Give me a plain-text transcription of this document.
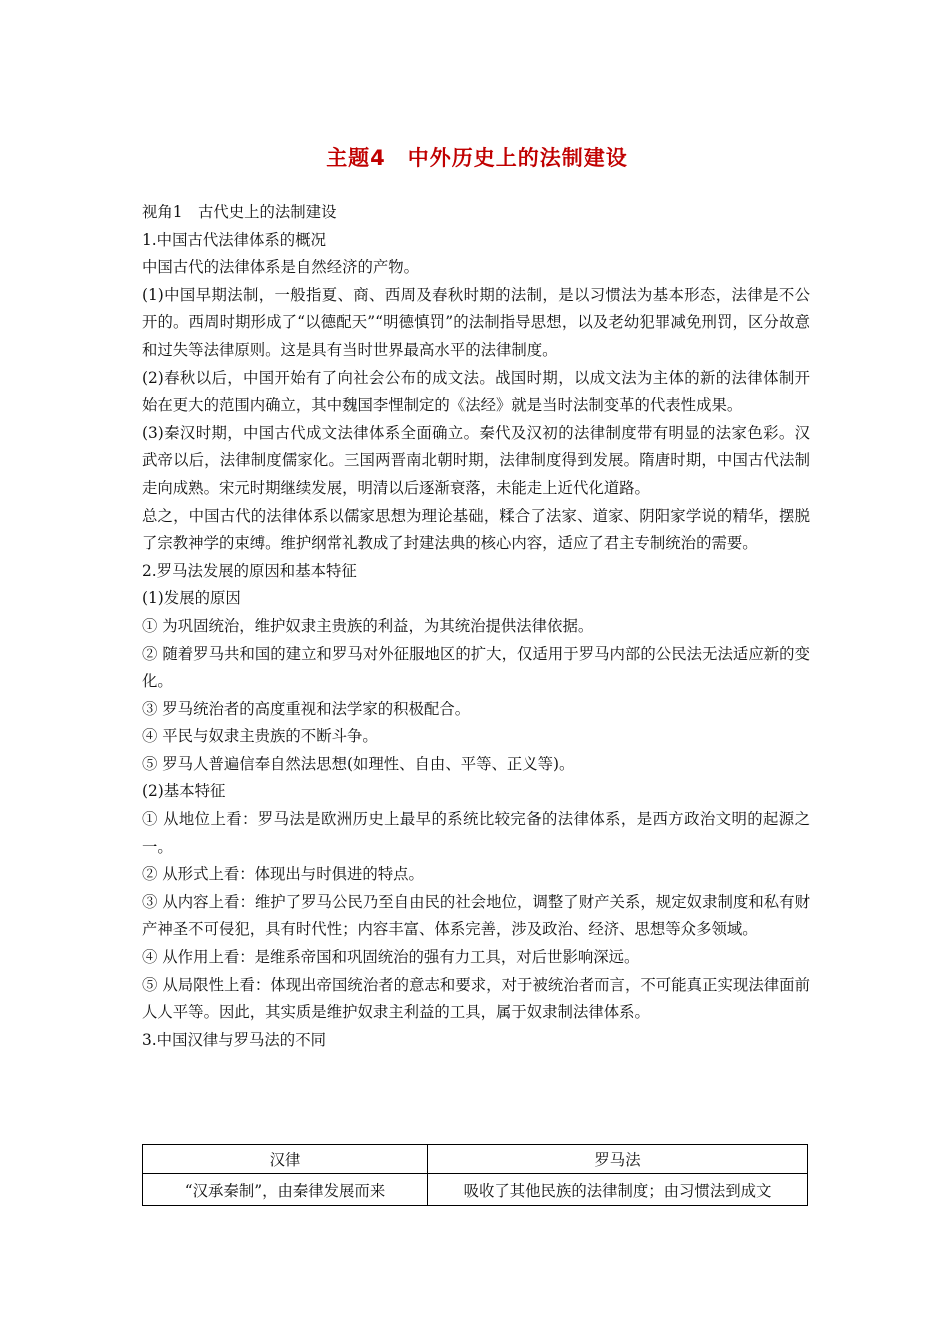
主题4　中外历史上的法制建设

视角1　古代史上的法制建设

1.中国古代法律体系的概况

中国古代的法律体系是自然经济的产物。

(1)中国早期法制，一般指夏、商、西周及春秋时期的法制，是以习惯法为基本形态，法律是不公开的。西周时期形成了“以德配天”“明德慎罚”的法制指导思想，以及老幼犯罪减免刑罚，区分故意和过失等法律原则。这是具有当时世界最高水平的法律制度。

(2)春秋以后，中国开始有了向社会公布的成文法。战国时期，以成文法为主体的新的法律体制开始在更大的范围内确立，其中魏国李悝制定的《法经》就是当时法制变革的代表性成果。

(3)秦汉时期，中国古代成文法律体系全面确立。秦代及汉初的法律制度带有明显的法家色彩。汉武帝以后，法律制度儒家化。三国两晋南北朝时期，法律制度得到发展。隋唐时期，中国古代法制走向成熟。宋元时期继续发展，明清以后逐渐衰落，未能走上近代化道路。

总之，中国古代的法律体系以儒家思想为理论基础，糅合了法家、道家、阴阳家学说的精华，摆脱了宗教神学的束缚。维护纲常礼教成了封建法典的核心内容，适应了君主专制统治的需要。

2.罗马法发展的原因和基本特征

(1)发展的原因

① 为巩固统治，维护奴隶主贵族的利益，为其统治提供法律依据。

② 随着罗马共和国的建立和罗马对外征服地区的扩大，仅适用于罗马内部的公民法无法适应新的变化。

③ 罗马统治者的高度重视和法学家的积极配合。

④ 平民与奴隶主贵族的不断斗争。

⑤ 罗马人普遍信奉自然法思想(如理性、自由、平等、正义等)。

(2)基本特征

① 从地位上看：罗马法是欧洲历史上最早的系统比较完备的法律体系，是西方政治文明的起源之一。

② 从形式上看：体现出与时俱进的特点。

③ 从内容上看：维护了罗马公民乃至自由民的社会地位，调整了财产关系，规定奴隶制度和私有财产神圣不可侵犯，具有时代性；内容丰富、体系完善，涉及政治、经济、思想等众多领域。

④ 从作用上看：是维系帝国和巩固统治的强有力工具，对后世影响深远。

⑤ 从局限性上看：体现出帝国统治者的意志和要求，对于被统治者而言，不可能真正实现法律面前人人平等。因此，其实质是维护奴隶主利益的工具，属于奴隶制法律体系。

3.中国汉律与罗马法的不同

汉律	罗马法
“汉承秦制”，由秦律发展而来	吸收了其他民族的法律制度；由习惯法到成文
